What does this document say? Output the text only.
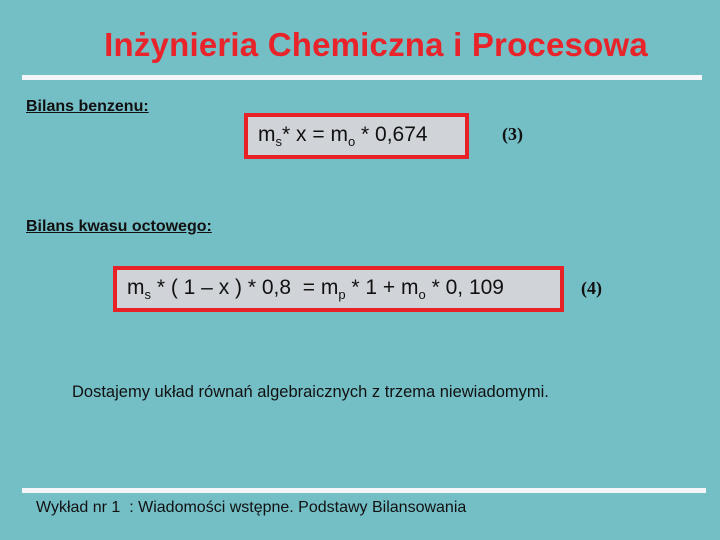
Inżynieria Chemiczna i Procesowa
Bilans benzenu:
$m_s*$ $x = m_o * 0,674$	(3)
Bilans kwasu octowego:
$m_s$ * ( 1 – x ) * $0,8 = m_p * 1 + m_o * 0$, 109	(4)
Dostajemy układ równań algebraicznych z trzema niewiadomymi.
Wykład nr 1  : Wiadomości wstępne. Podstawy Bilansowania
